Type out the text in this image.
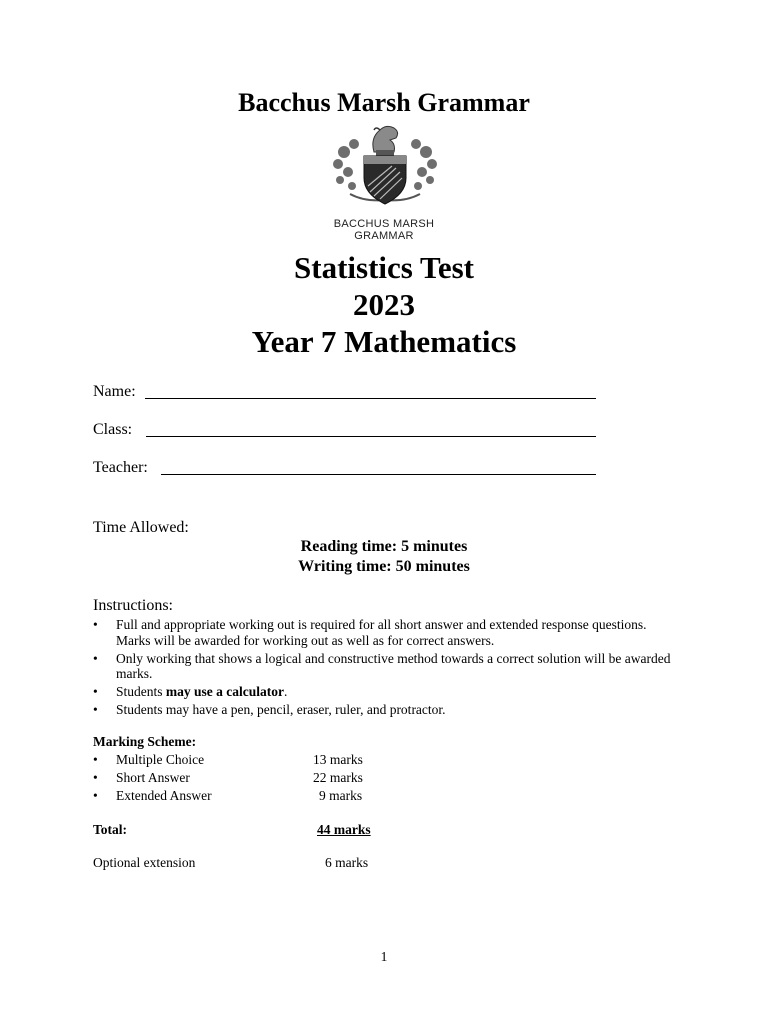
Bacchus Marsh Grammar
BACCHUS MARSH
GRAMMAR
Statistics Test
2023
Year 7 Mathematics
Name:
Class:
Teacher:
Time Allowed:
Reading time: 5 minutes
Writing time: 50 minutes
Instructions:
• Full and appropriate working out is required for all short answer and extended response questions. Marks will be awarded for working out as well as for correct answers.
• Only working that shows a logical and constructive method towards a correct solution will be awarded marks.
• Students may use a calculator.
• Students may have a pen, pencil, eraser, ruler, and protractor.
Marking Scheme:
• Multiple Choice	13 marks
• Short Answer	22 marks
• Extended Answer	9 marks
Total:	44 marks
Optional extension	6 marks
1
